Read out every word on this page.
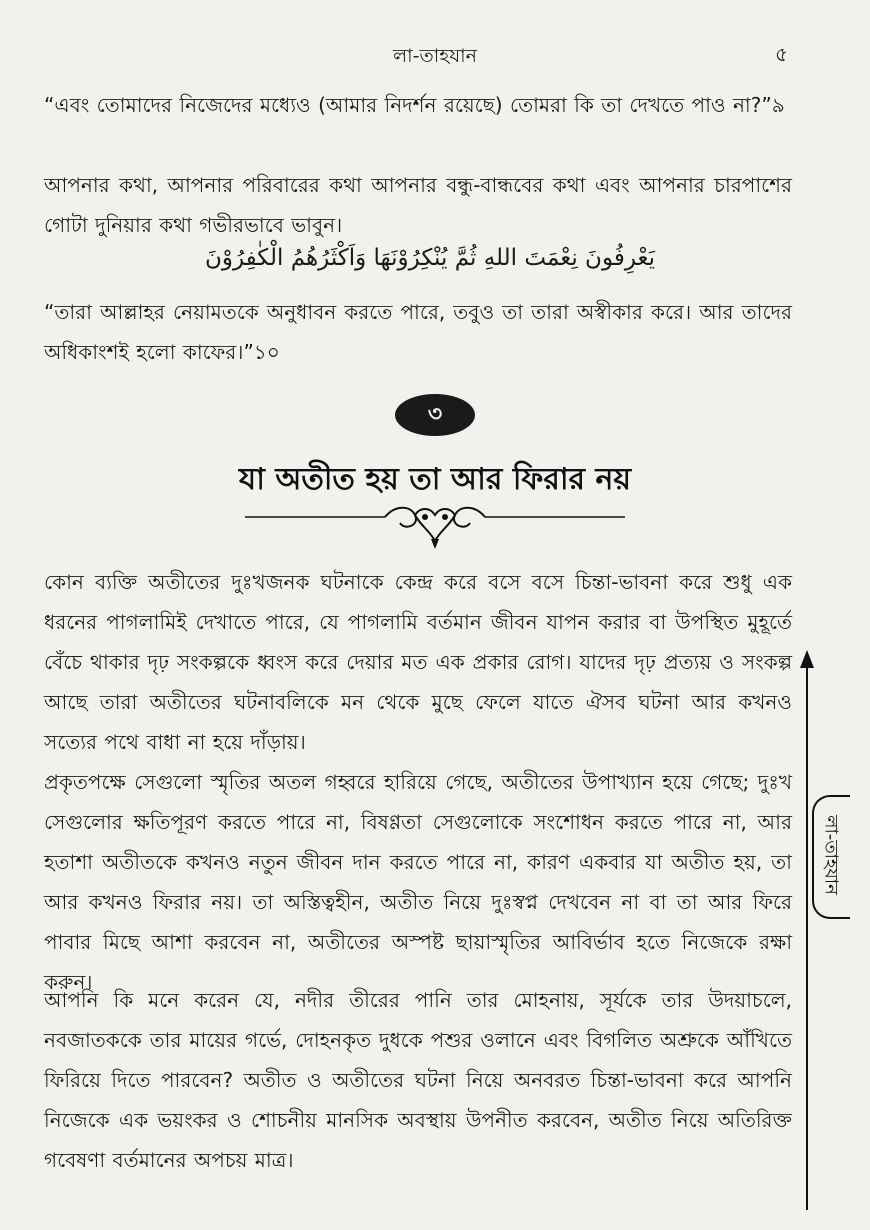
লা-তাহযান	৫
“এবং তোমাদের নিজেদের মধ্যেও (আমার নিদর্শন রয়েছে) তোমরা কি তা দেখতে পাও না?”৯
আপনার কথা, আপনার পরিবারের কথা আপনার বন্ধু-বান্ধবের কথা এবং আপনার চারপাশের গোটা দুনিয়ার কথা গভীরভাবে ভাবুন।
يَعْرِفُونَ نِعْمَتَ اللهِ ثُمَّ يُنْكِرُوْنَهَا وَاَكْثَرُهُمُ الْكٰفِرُوْنَ
“তারা আল্লাহর নেয়ামতকে অনুধাবন করতে পারে, তবুও তা তারা অস্বীকার করে। আর তাদের অধিকাংশই হলো কাফের।”১০
৩
যা অতীত হয় তা আর ফিরার নয়
কোন ব্যক্তি অতীতের দুঃখজনক ঘটনাকে কেন্দ্র করে বসে বসে চিন্তা-ভাবনা করে শুধু এক ধরনের পাগলামিই দেখাতে পারে, যে পাগলামি বর্তমান জীবন যাপন করার বা উপস্থিত মুহূর্তে বেঁচে থাকার দৃঢ় সংকল্পকে ধ্বংস করে দেয়ার মত এক প্রকার রোগ। যাদের দৃঢ় প্রত্যয় ও সংকল্প আছে তারা অতীতের ঘটনাবলিকে মন থেকে মুছে ফেলে যাতে ঐসব ঘটনা আর কখনও সত্যের পথে বাধা না হয়ে দাঁড়ায়।
প্রকৃতপক্ষে সেগুলো স্মৃতির অতল গহ্বরে হারিয়ে গেছে, অতীতের উপাখ্যান হয়ে গেছে; দুঃখ সেগুলোর ক্ষতিপূরণ করতে পারে না, বিষণ্ণতা সেগুলোকে সংশোধন করতে পারে না, আর হতাশা অতীতকে কখনও নতুন জীবন দান করতে পারে না, কারণ একবার যা অতীত হয়, তা আর কখনও ফিরার নয়। তা অস্তিত্বহীন, অতীত নিয়ে দুঃস্বপ্ন দেখবেন না বা তা আর ফিরে পাবার মিছে আশা করবেন না, অতীতের অস্পষ্ট ছায়াস্মৃতির আবির্ভাব হতে নিজেকে রক্ষা করুন।
আপনি কি মনে করেন যে, নদীর তীরের পানি তার মোহনায়, সূর্যকে তার উদয়াচলে, নবজাতককে তার মায়ের গর্ভে, দোহনকৃত দুধকে পশুর ওলানে এবং বিগলিত অশ্রুকে আঁখিতে ফিরিয়ে দিতে পারবেন? অতীত ও অতীতের ঘটনা নিয়ে অনবরত চিন্তা-ভাবনা করে আপনি নিজেকে এক ভয়ংকর ও শোচনীয় মানসিক অবস্থায় উপনীত করবেন, অতীত নিয়ে অতিরিক্ত গবেষণা বর্তমানের অপচয় মাত্র।
লা-তাহযান
